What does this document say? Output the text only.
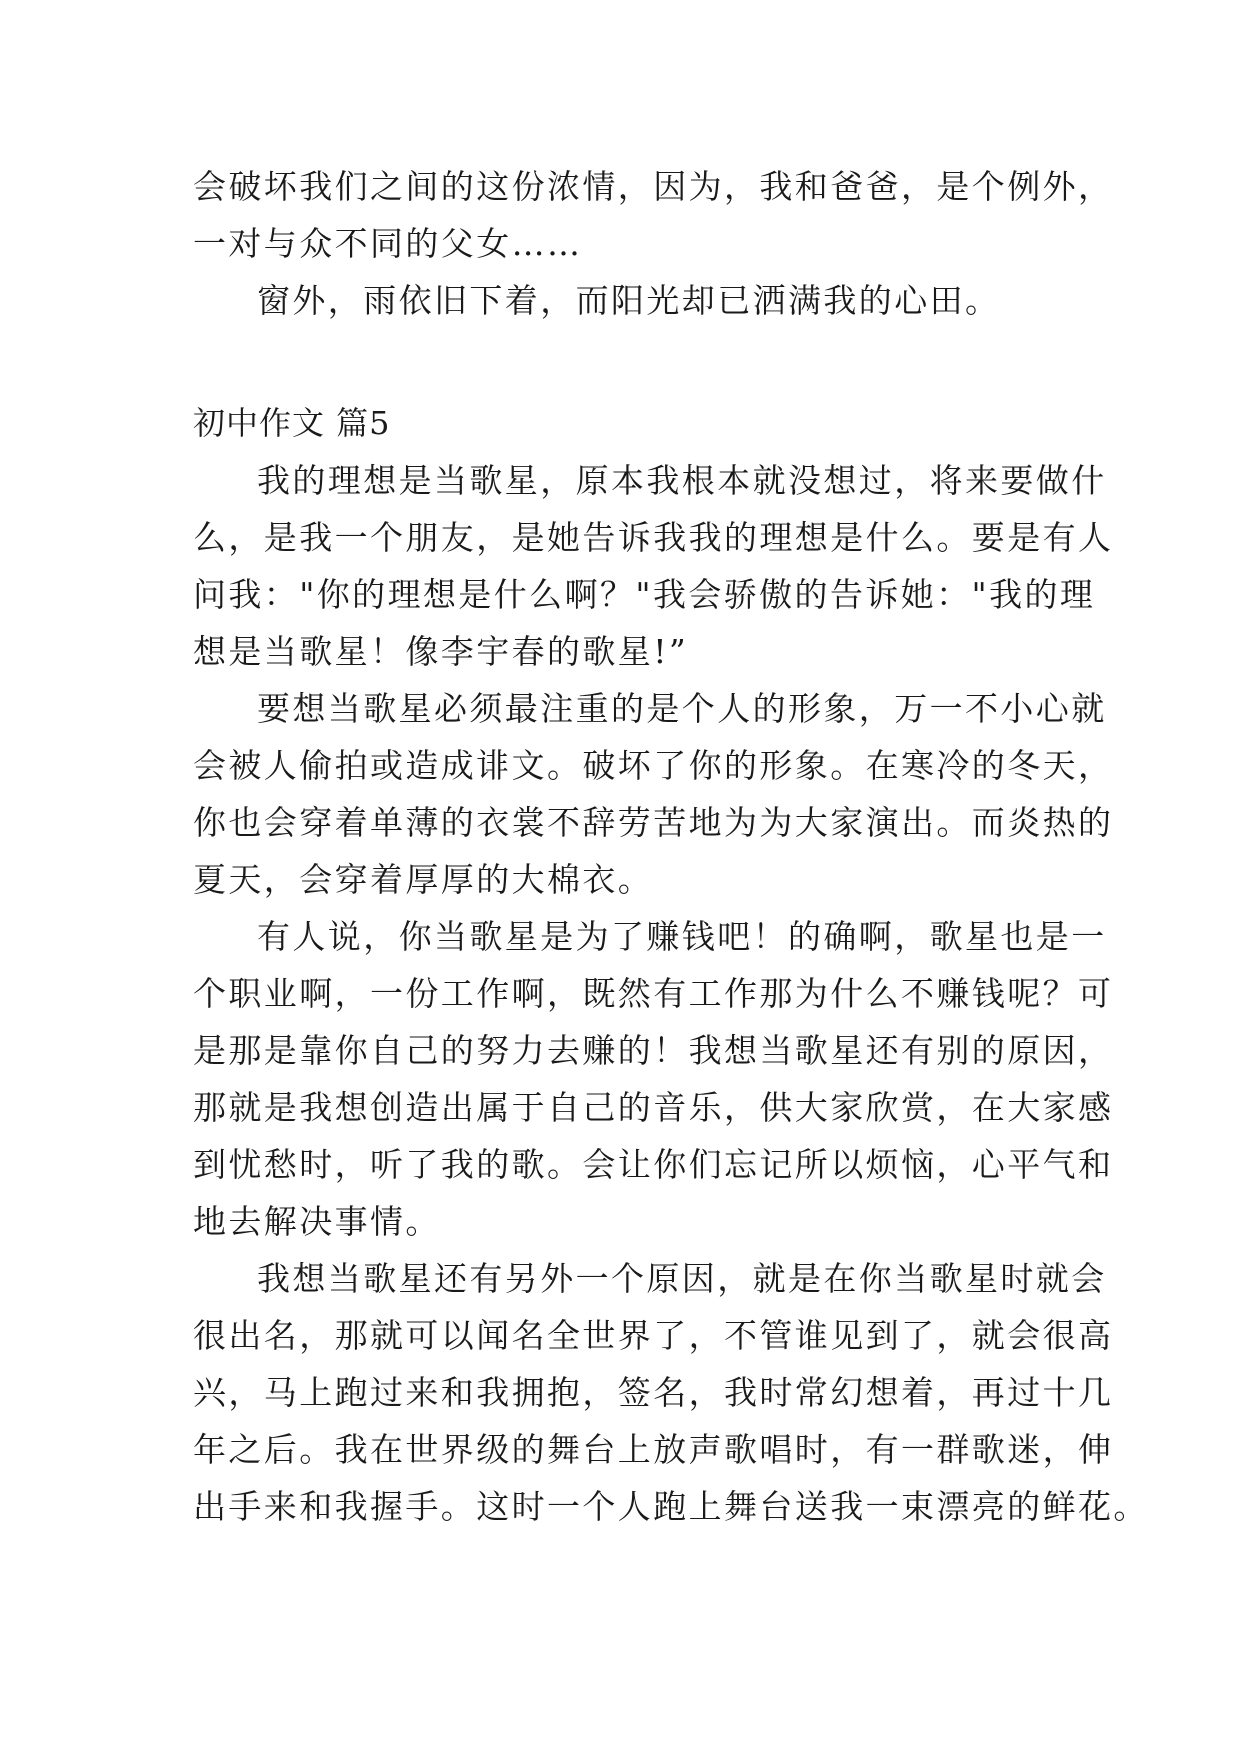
会破坏我们之间的这份浓情，因为，我和爸爸，是个例外，
一对与众不同的父女……
窗外，雨依旧下着，而阳光却已洒满我的心田。
初中作文 篇5
我的理想是当歌星，原本我根本就没想过，将来要做什
么，是我一个朋友，是她告诉我我的理想是什么。要是有人
问我："你的理想是什么啊？"我会骄傲的告诉她："我的理
想是当歌星！像李宇春的歌星!”
要想当歌星必须最注重的是个人的形象，万一不小心就
会被人偷拍或造成诽文。破坏了你的形象。在寒冷的冬天，
你也会穿着单薄的衣裳不辞劳苦地为为大家演出。而炎热的
夏天，会穿着厚厚的大棉衣。
有人说，你当歌星是为了赚钱吧！的确啊，歌星也是一
个职业啊，一份工作啊，既然有工作那为什么不赚钱呢？可
是那是靠你自己的努力去赚的！我想当歌星还有别的原因，
那就是我想创造出属于自己的音乐，供大家欣赏，在大家感
到忧愁时，听了我的歌。会让你们忘记所以烦恼，心平气和
地去解决事情。
我想当歌星还有另外一个原因，就是在你当歌星时就会
很出名，那就可以闻名全世界了，不管谁见到了，就会很高
兴，马上跑过来和我拥抱，签名，我时常幻想着，再过十几
年之后。我在世界级的舞台上放声歌唱时，有一群歌迷，伸
出手来和我握手。这时一个人跑上舞台送我一束漂亮的鲜花。
